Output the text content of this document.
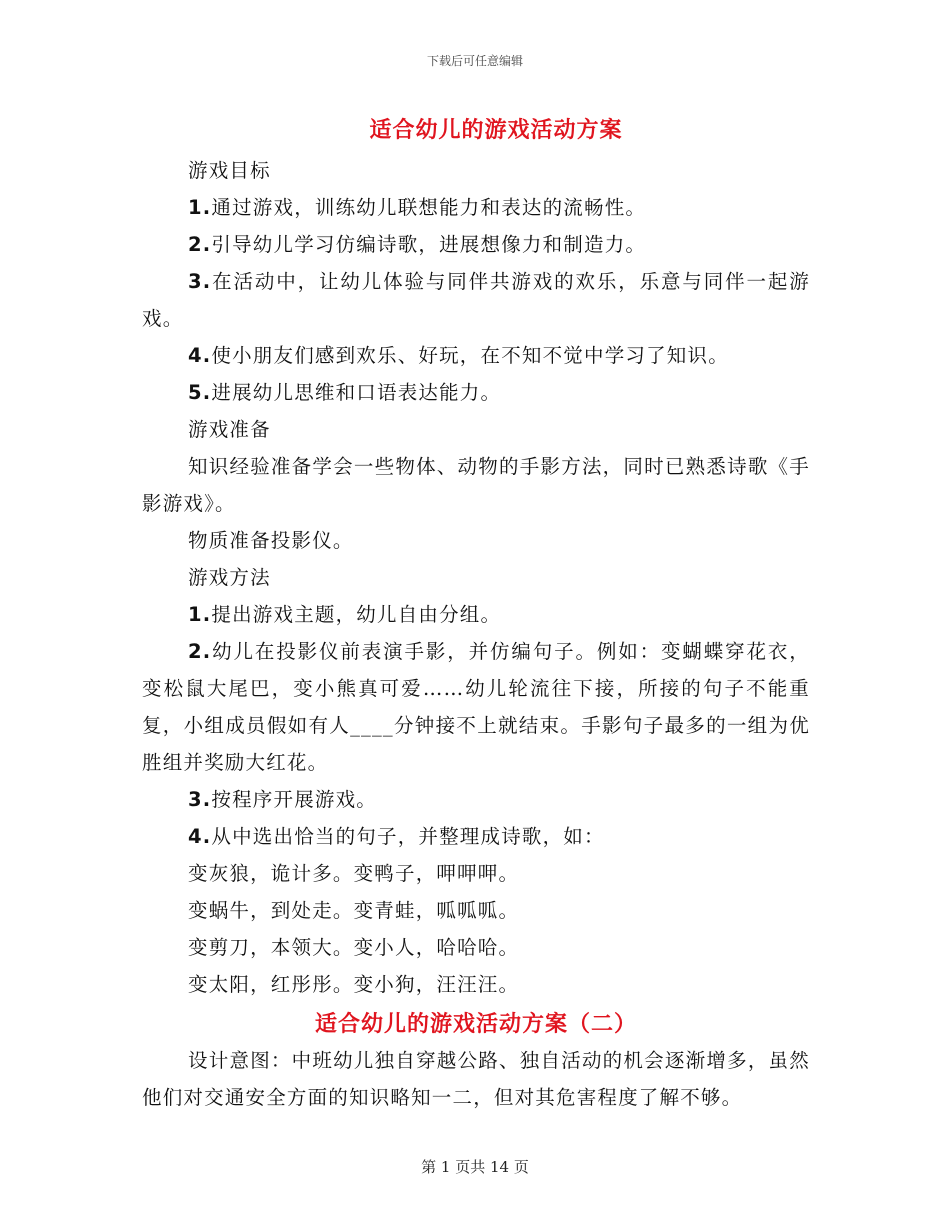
下载后可任意编辑
适合幼儿的游戏活动方案

游戏目标

1.通过游戏，训练幼儿联想能力和表达的流畅性。

2.引导幼儿学习仿编诗歌，进展想像力和制造力。

3.在活动中，让幼儿体验与同伴共游戏的欢乐，乐意与同伴一起游戏。

4.使小朋友们感到欢乐、好玩，在不知不觉中学习了知识。

5.进展幼儿思维和口语表达能力。

游戏准备

知识经验准备学会一些物体、动物的手影方法，同时已熟悉诗歌《手影游戏》。

物质准备投影仪。

游戏方法

1.提出游戏主题，幼儿自由分组。

2.幼儿在投影仪前表演手影，并仿编句子。例如：变蝴蝶穿花衣，变松鼠大尾巴，变小熊真可爱……幼儿轮流往下接，所接的句子不能重复，小组成员假如有人____分钟接不上就结束。手影句子最多的一组为优胜组并奖励大红花。

3.按程序开展游戏。

4.从中选出恰当的句子，并整理成诗歌，如：

变灰狼，诡计多。变鸭子，呷呷呷。

变蜗牛，到处走。变青蛙，呱呱呱。

变剪刀，本领大。变小人，哈哈哈。

变太阳，红彤彤。变小狗，汪汪汪。

适合幼儿的游戏活动方案（二）

设计意图：中班幼儿独自穿越公路、独自活动的机会逐渐增多，虽然他们对交通安全方面的知识略知一二，但对其危害程度了解不够。

第 1 页共 14 页
